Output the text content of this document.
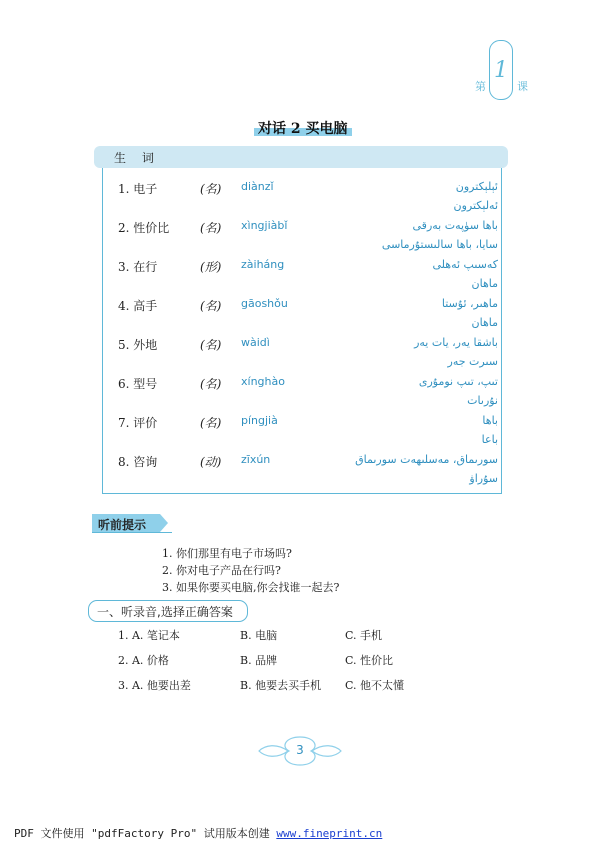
1
第	课
对话 2 买电脑
生 词
1. 电子	(名) diànzǐ	ئېلېكترون
ئەلېكترون
2. 性价比	(名) xìngjiàbǐ	باھا سۈپەت بەرقى
سايا، باھا سالىستۇرماسى
3. 在行	(形) zàiháng	كەسىپ ئەھلى
ماھان
4. 高手	(名) gāoshǒu	ماھىر، ئۇستا
ماھان
5. 外地	(名) wàidì	باشقا يەر، يات يەر
سىرت جەر
6. 型号	(名) xínghào	تىپ، تىپ نومۇرى
نۇرىات
7. 评价	(名) píngjià	باھا
باعا
8. 咨询	(动) zīxún	سورىماق، مەسلىھەت سورىماق
سۇراۋ
听前提示
1. 你们那里有电子市场吗?
2. 你对电子产品在行吗?
3. 如果你要买电脑,你会找谁一起去?
一、听录音,选择正确答案
1. A. 笔记本	B. 电脑	C. 手机
2. A. 价格	B. 品牌	C. 性价比
3. A. 他要出差	B. 他要去买手机 C. 他不太懂
3
PDF 文件使用 "pdfFactory Pro" 试用版本创建 www.fineprint.cn
